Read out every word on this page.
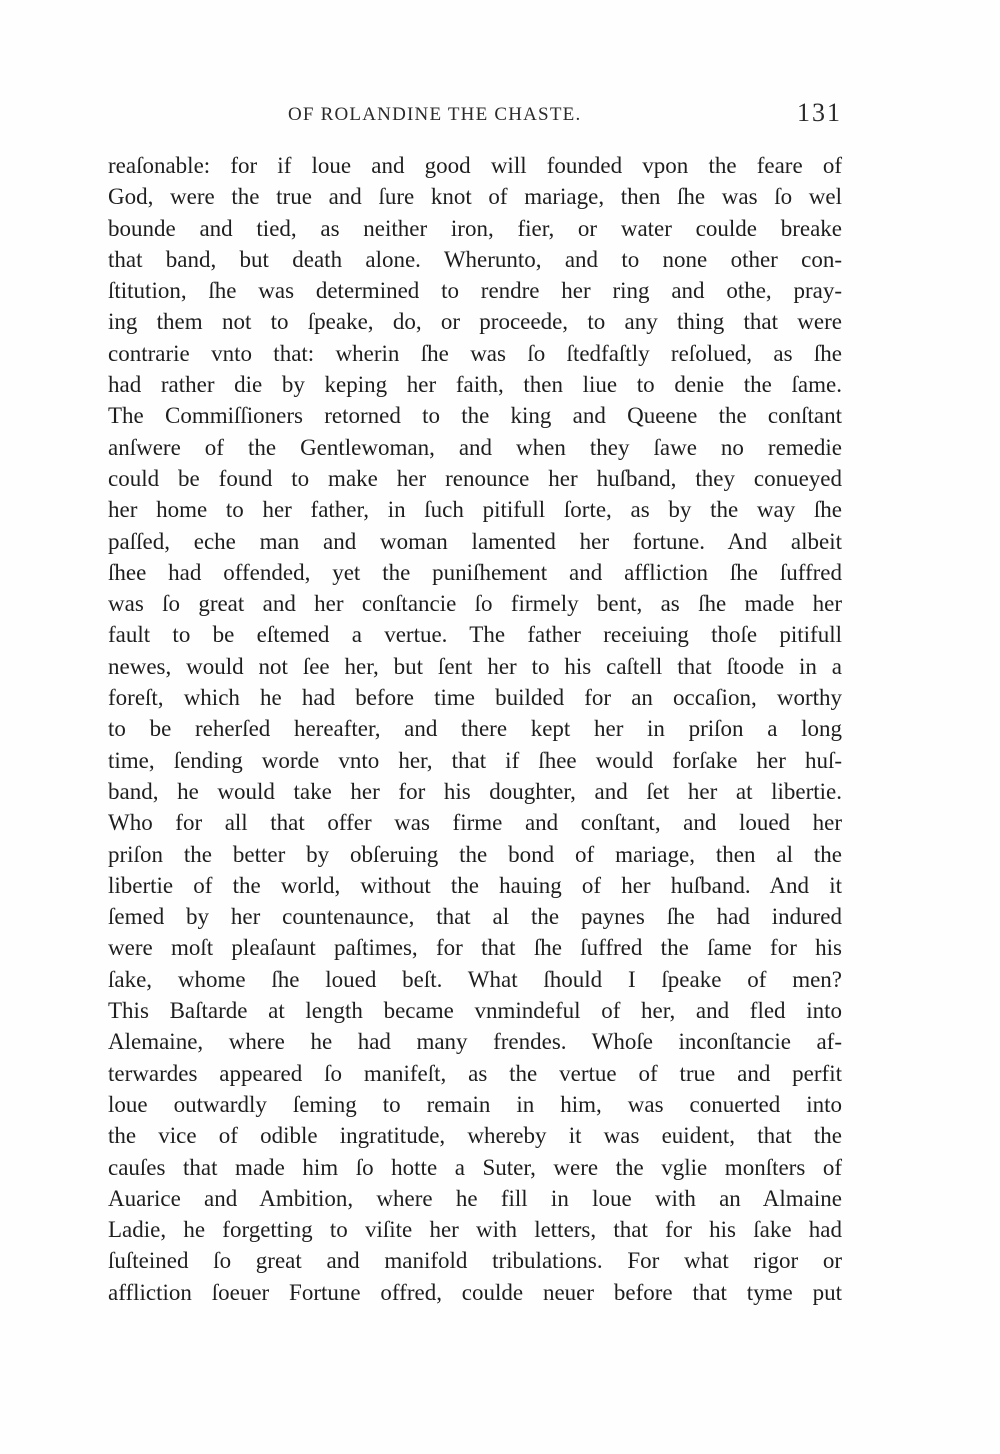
OF ROLANDINE THE CHASTE.	131
reaſonable: for if loue and good will founded vpon the feare of
God, were the true and ſure knot of mariage, then ſhe was ſo wel
bounde and tied, as neither iron, fier, or water coulde breake
that band, but death alone. Wherunto, and to none other con-
ſtitution, ſhe was determined to rendre her ring and othe, pray-
ing them not to ſpeake, do, or proceede, to any thing that were
contrarie vnto that: wherin ſhe was ſo ſtedfaſtly reſolued, as ſhe
had rather die by keping her faith, then liue to denie the ſame.
The Commiſſioners retorned to the king and Queene the conſtant
anſwere of the Gentlewoman, and when they ſawe no remedie
could be found to make her renounce her huſband, they conueyed
her home to her father, in ſuch pitifull ſorte, as by the way ſhe
paſſed, eche man and woman lamented her fortune. And albeit
ſhee had offended, yet the puniſhement and affliction ſhe ſuffred
was ſo great and her conſtancie ſo firmely bent, as ſhe made her
fault to be eſtemed a vertue. The father receiuing thoſe pitifull
newes, would not ſee her, but ſent her to his caſtell that ſtoode in a
foreſt, which he had before time builded for an occaſion, worthy
to be reherſed hereafter, and there kept her in priſon a long
time, ſending worde vnto her, that if ſhee would forſake her huſ-
band, he would take her for his doughter, and ſet her at libertie.
Who for all that offer was firme and conſtant, and loued her
priſon the better by obſeruing the bond of mariage, then al the
libertie of the world, without the hauing of her huſband. And it
ſemed by her countenaunce, that al the paynes ſhe had indured
were moſt pleaſaunt paſtimes, for that ſhe ſuffred the ſame for his
ſake, whome ſhe loued beſt. What ſhould I ſpeake of men?
This Baſtarde at length became vnmindeful of her, and fled into
Alemaine, where he had many frendes. Whoſe inconſtancie af-
terwardes appeared ſo manifeſt, as the vertue of true and perfit
loue outwardly ſeming to remain in him, was conuerted into
the vice of odible ingratitude, whereby it was euident, that the
cauſes that made him ſo hotte a Suter, were the vglie monſters of
Auarice and Ambition, where he fill in loue with an Almaine
Ladie, he forgetting to viſite her with letters, that for his ſake had
ſuſteined ſo great and manifold tribulations. For what rigor or
affliction ſoeuer Fortune offred, coulde neuer before that tyme put
